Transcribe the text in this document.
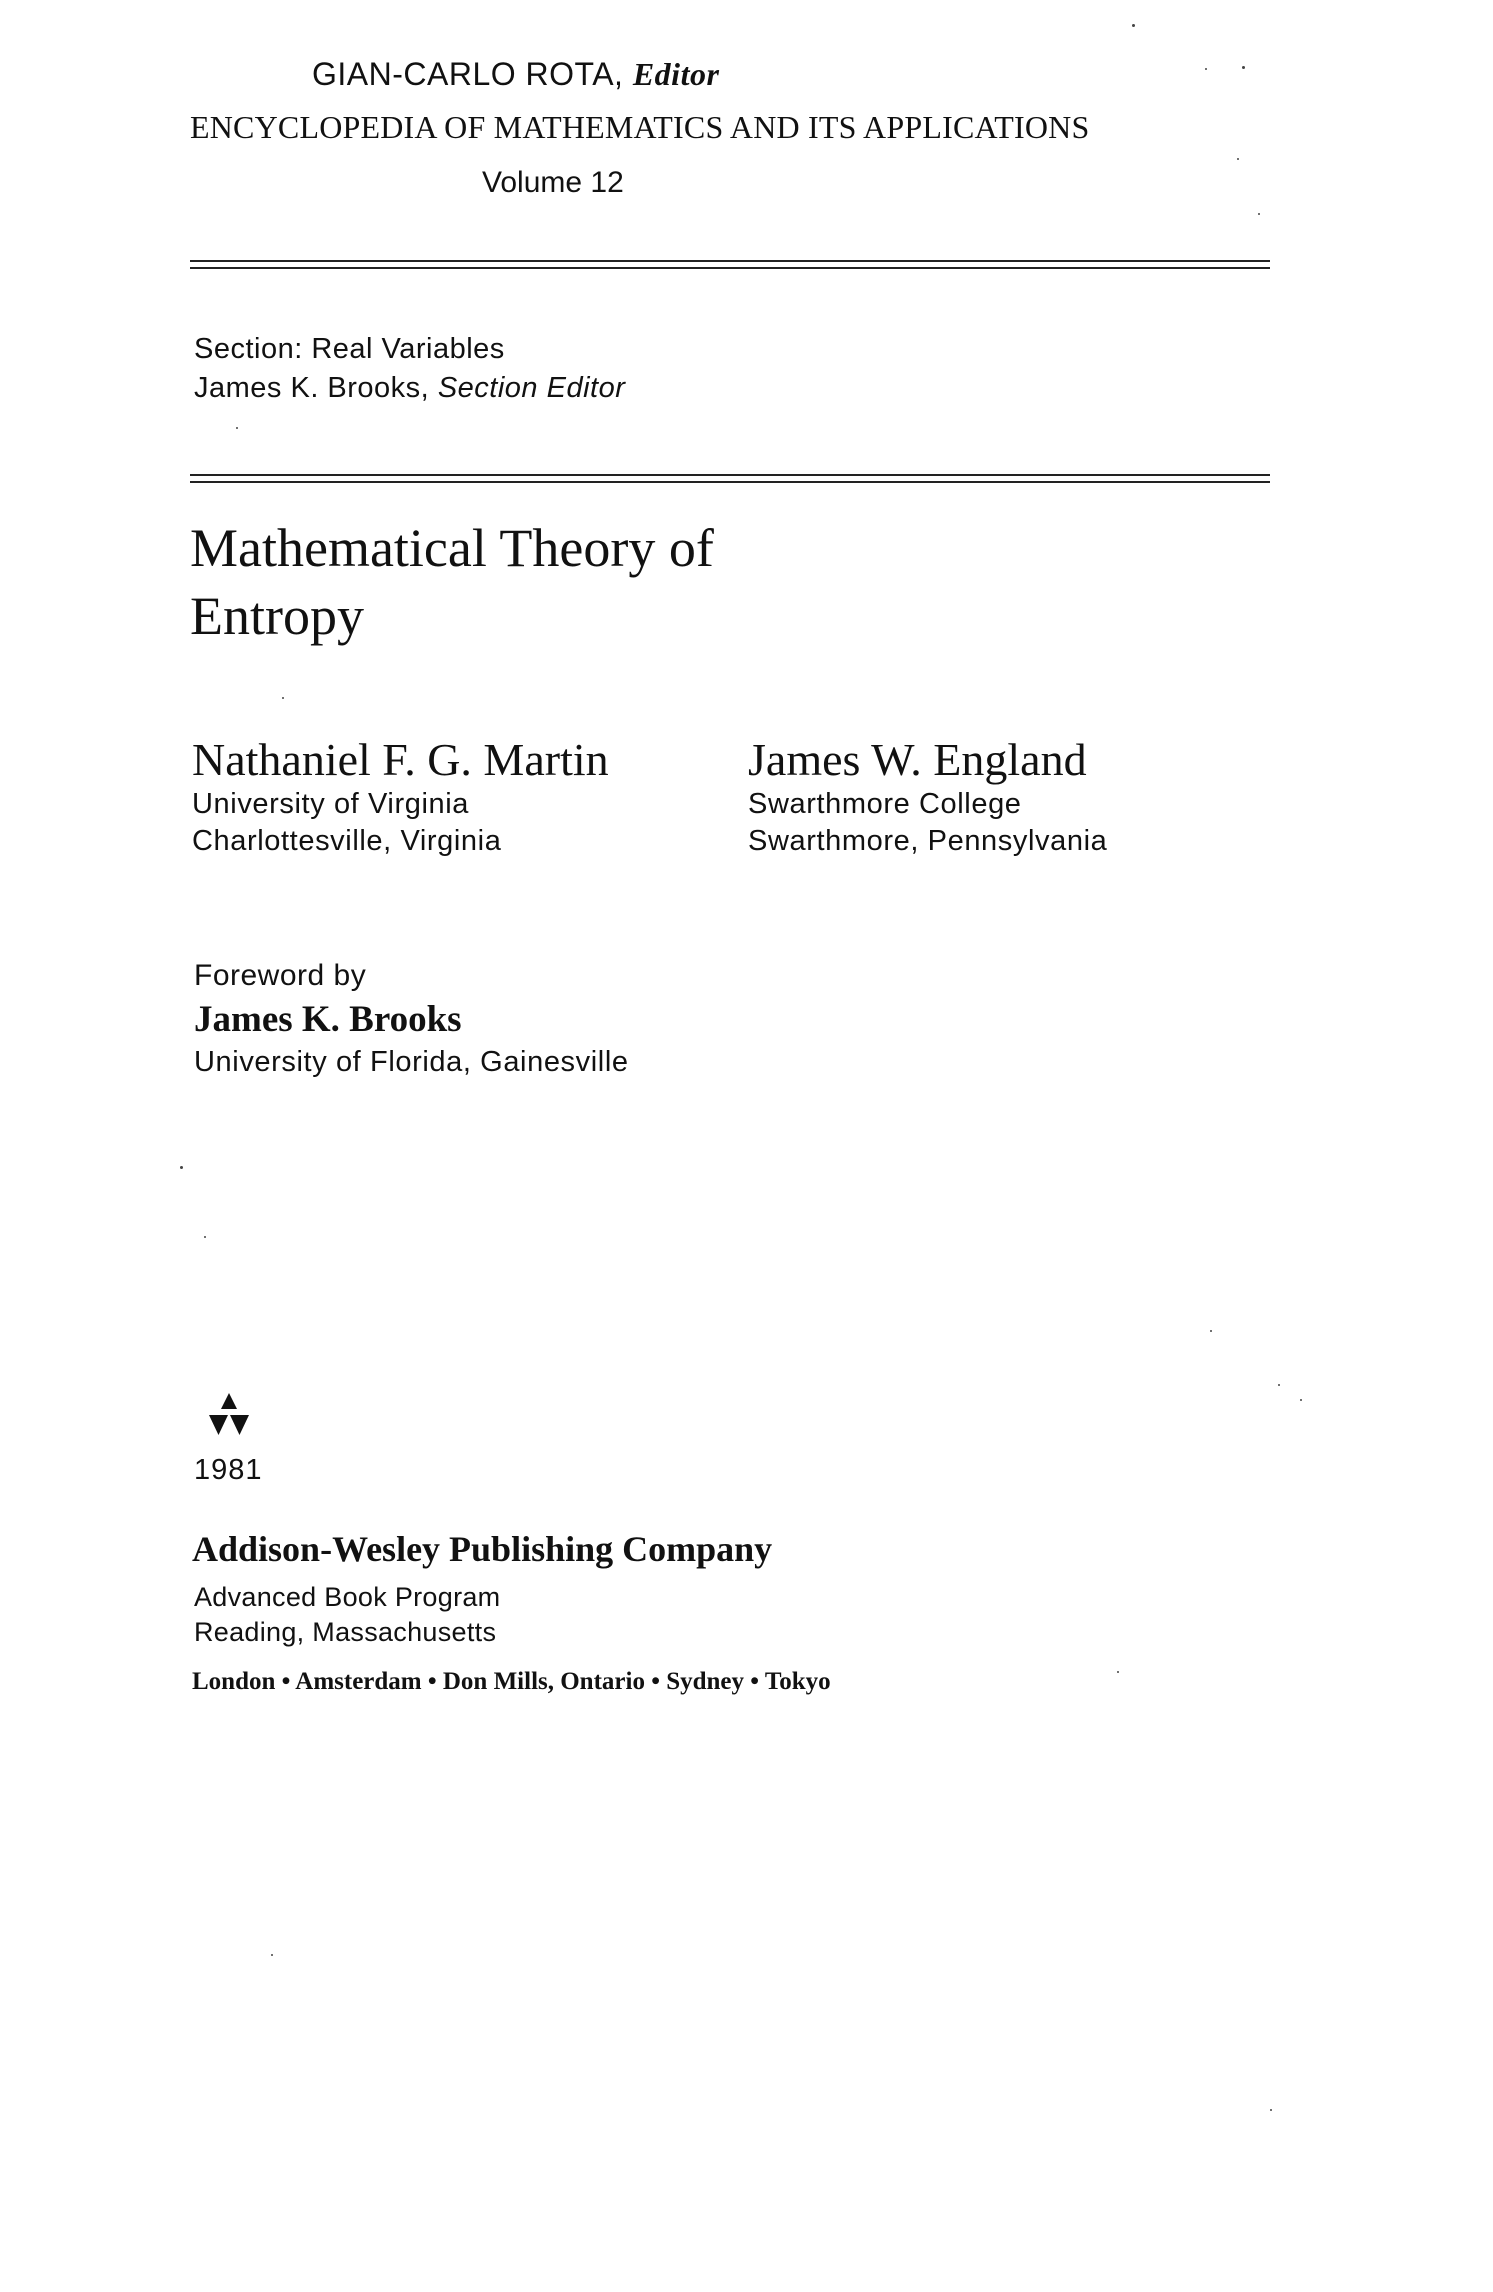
GIAN-CARLO ROTA, Editor
ENCYCLOPEDIA OF MATHEMATICS AND ITS APPLICATIONS
Volume 12
Section: Real Variables
James K. Brooks, Section Editor
Mathematical Theory of
Entropy
Nathaniel F. G. Martin
University of Virginia
Charlottesville, Virginia
James W. England
Swarthmore College
Swarthmore, Pennsylvania
Foreword by
James K. Brooks
University of Florida, Gainesville
1981
Addison-Wesley Publishing Company
Advanced Book Program
Reading, Massachusetts
London • Amsterdam • Don Mills, Ontario • Sydney • Tokyo
